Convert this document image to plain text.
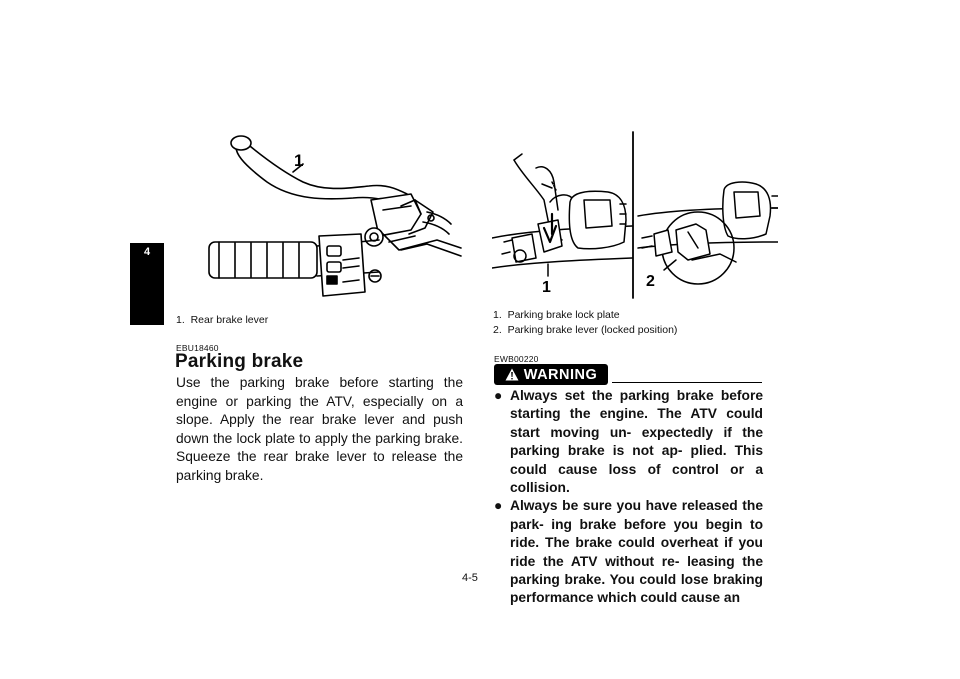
4
1
1.  Rear brake lever
EBU18460
Parking brake
Use the parking brake before starting the engine or parking the ATV, especially on a slope. Apply the rear brake lever and push down the lock plate to apply the parking brake. Squeeze the rear brake lever to release the parking brake.
1	2
1.  Parking brake lock plate
2.  Parking brake lever (locked position)
EWB00220
WARNING
● Always set the parking brake before starting the engine. The ATV could start moving un- expectedly if the parking brake is not ap- plied. This could cause loss of control or a collision.
● Always be sure you have released the park- ing brake before you begin to ride. The brake could overheat if you ride the ATV without re- leasing the parking brake. You could lose braking performance which could cause an
4-5
